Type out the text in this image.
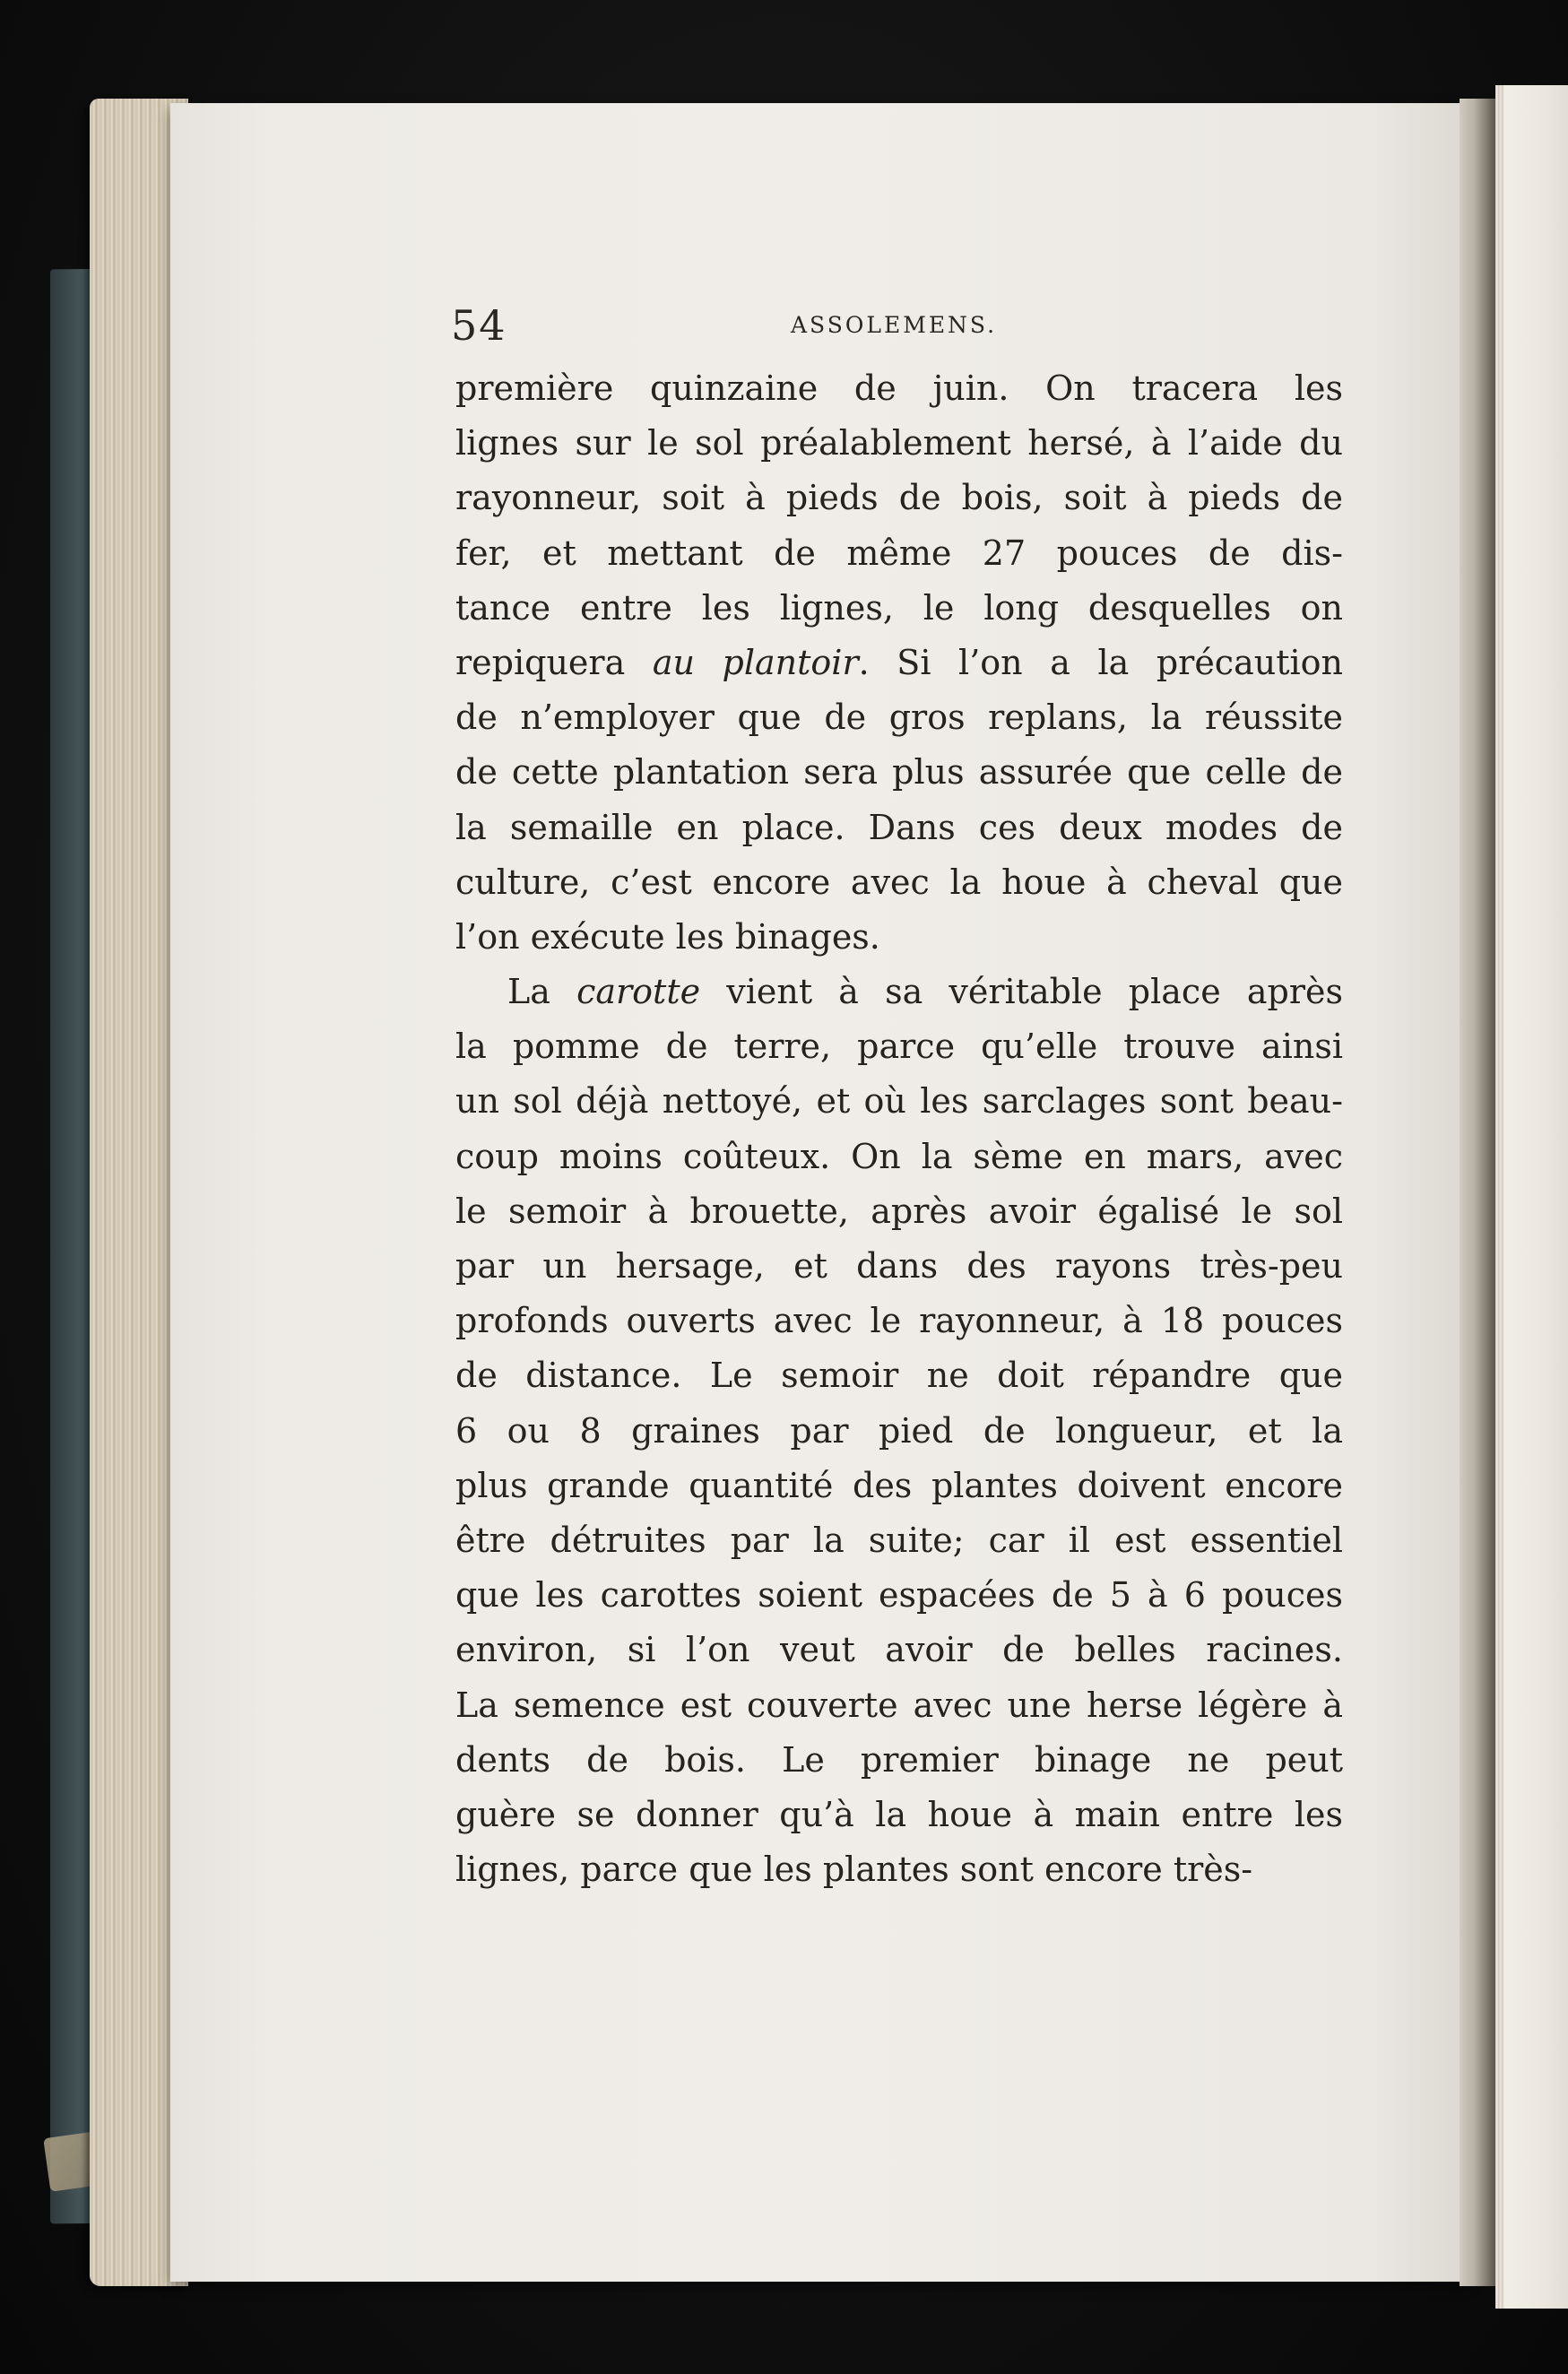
54	ASSOLEMENS.
première quinzaine de juin. On tracera les
lignes sur le sol préalablement hersé, à l’aide du
rayonneur, soit à pieds de bois, soit à pieds de
fer, et mettant de même 27 pouces de dis-
tance entre les lignes, le long desquelles on
repiquera au plantoir. Si l’on a la précaution
de n’employer que de gros replans, la réussite
de cette plantation sera plus assurée que celle de
la semaille en place. Dans ces deux modes de
culture, c’est encore avec la houe à cheval que
l’on exécute les binages.
La carotte vient à sa véritable place après
la pomme de terre, parce qu’elle trouve ainsi
un sol déjà nettoyé, et où les sarclages sont beau-
coup moins coûteux. On la sème en mars, avec
le semoir à brouette, après avoir égalisé le sol
par un hersage, et dans des rayons très-peu
profonds ouverts avec le rayonneur, à 18 pouces
de distance. Le semoir ne doit répandre que
6 ou 8 graines par pied de longueur, et la
plus grande quantité des plantes doivent encore
être détruites par la suite; car il est essentiel
que les carottes soient espacées de 5 à 6 pouces
environ, si l’on veut avoir de belles racines.
La semence est couverte avec une herse légère à
dents de bois. Le premier binage ne peut
guère se donner qu’à la houe à main entre les
lignes, parce que les plantes sont encore très-
